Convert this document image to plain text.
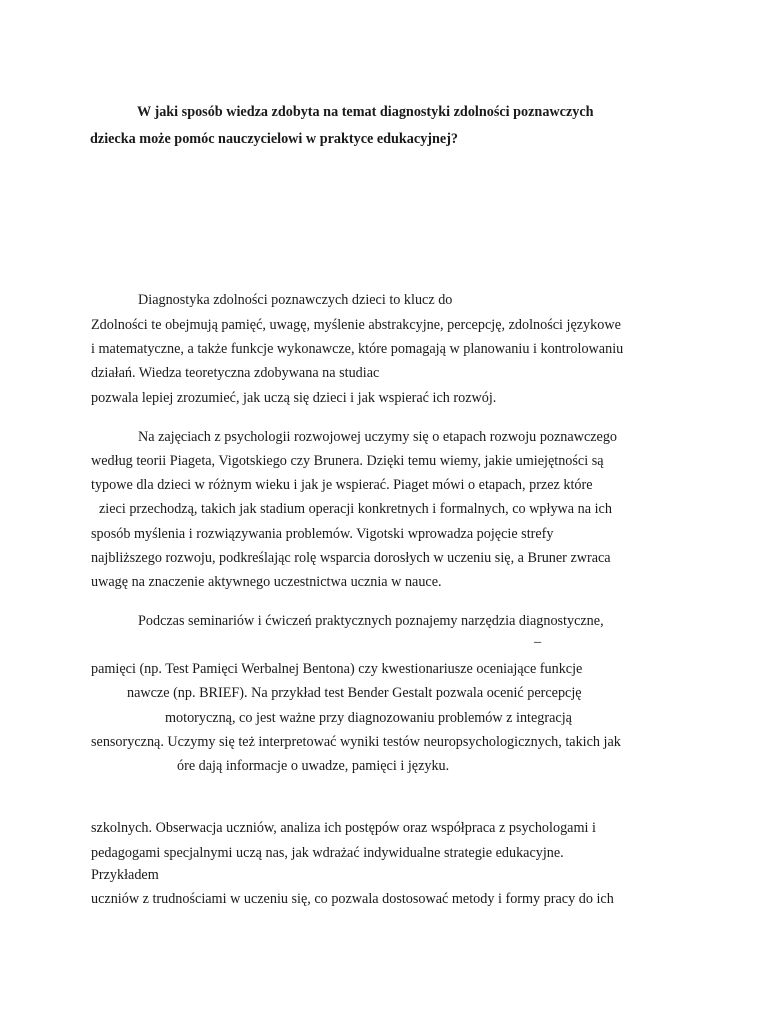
W jaki sposób wiedza zdobyta na temat diagnostyki zdolności poznawczych

dziecka może pomóc nauczycielowi w praktyce edukacyjnej?

Diagnostyka zdolności poznawczych dzieci to klucz do

Zdolności te obejmują pamięć, uwagę, myślenie abstrakcyjne, percepcję, zdolności językowe

i matematyczne, a także funkcje wykonawcze, które pomagają w planowaniu i kontrolowaniu

działań. Wiedza teoretyczna zdobywana na studiac

pozwala lepiej zrozumieć, jak uczą się dzieci i jak wspierać ich rozwój.

Na zajęciach z psychologii rozwojowej uczymy się o etapach rozwoju poznawczego

według teorii Piageta, Vigotskiego czy Brunera. Dzięki temu wiemy, jakie umiejętności są

typowe dla dzieci w różnym wieku i jak je wspierać. Piaget mówi o etapach, przez które

zieci przechodzą, takich jak stadium operacji konkretnych i formalnych, co wpływa na ich

sposób myślenia i rozwiązywania problemów. Vigotski wprowadza pojęcie strefy

najbliższego rozwoju, podkreślając rolę wsparcia dorosłych w uczeniu się, a Bruner zwraca

uwagę na znaczenie aktywnego uczestnictwa ucznia w nauce.

Podczas seminariów i ćwiczeń praktycznych poznajemy narzędzia diagnostyczne,

–

pamięci (np. Test Pamięci Werbalnej Bentona) czy kwestionariusze oceniające funkcje

nawcze (np. BRIEF). Na przykład test Bender Gestalt pozwala ocenić percepcję

motoryczną, co jest ważne przy diagnozowaniu problemów z integracją

sensoryczną. Uczymy się też interpretować wyniki testów neuropsychologicznych, takich jak

óre dają informacje o uwadze, pamięci i języku.

szkolnych. Obserwacja uczniów, analiza ich postępów oraz współpraca z psychologami i

pedagogami specjalnymi uczą nas, jak wdrażać indywidualne strategie edukacyjne.

Przykładem

uczniów z trudnościami w uczeniu się, co pozwala dostosować metody i formy pracy do ich
